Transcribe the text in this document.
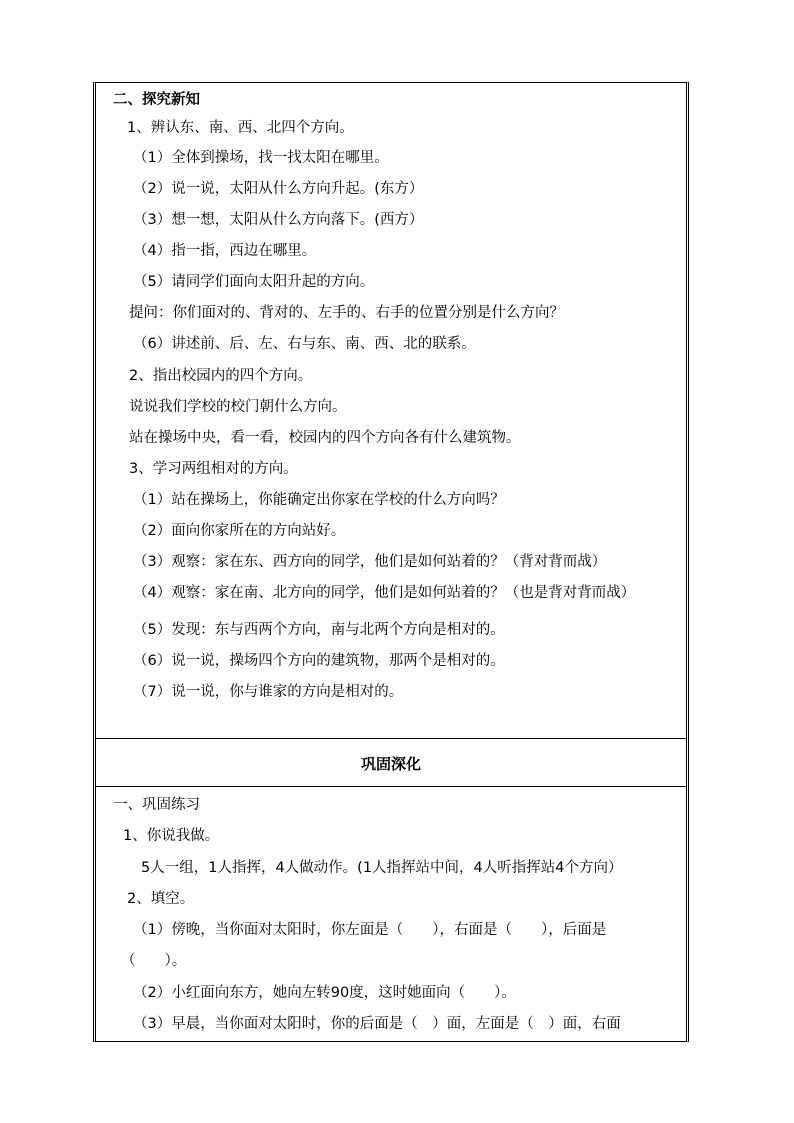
二、探究新知
1、辨认东、南、西、北四个方向。
（1）全体到操场，找一找太阳在哪里。
（2）说一说，太阳从什么方向升起。(东方）
（3）想一想，太阳从什么方向落下。(西方）
（4）指一指，西边在哪里。
（5）请同学们面向太阳升起的方向。
提问：你们面对的、背对的、左手的、右手的位置分别是什么方向？
（6）讲述前、后、左、右与东、南、西、北的联系。
2、指出校园内的四个方向。
说说我们学校的校门朝什么方向。
站在操场中央，看一看，校园内的四个方向各有什么建筑物。
3、学习两组相对的方向。
（1）站在操场上，你能确定出你家在学校的什么方向吗？
（2）面向你家所在的方向站好。
（3）观察：家在东、西方向的同学，他们是如何站着的？（背对背而战）
（4）观察：家在南、北方向的同学，他们是如何站着的？（也是背对背而战）
（5）发现：东与西两个方向，南与北两个方向是相对的。
（6）说一说，操场四个方向的建筑物，那两个是相对的。
（7）说一说，你与谁家的方向是相对的。
巩固深化
一、巩固练习
1、你说我做。
5人一组，1人指挥，4人做动作。(1人指挥站中间，4人听指挥站4个方向）
2、填空。
（1）傍晚，当你面对太阳时，你左面是（　　），右面是（　　），后面是
（　　）。
（2）小红面向东方，她向左转90度，这时她面向（　　）。
（3）早晨，当你面对太阳时，你的后面是（　）面，左面是（　）面，右面
